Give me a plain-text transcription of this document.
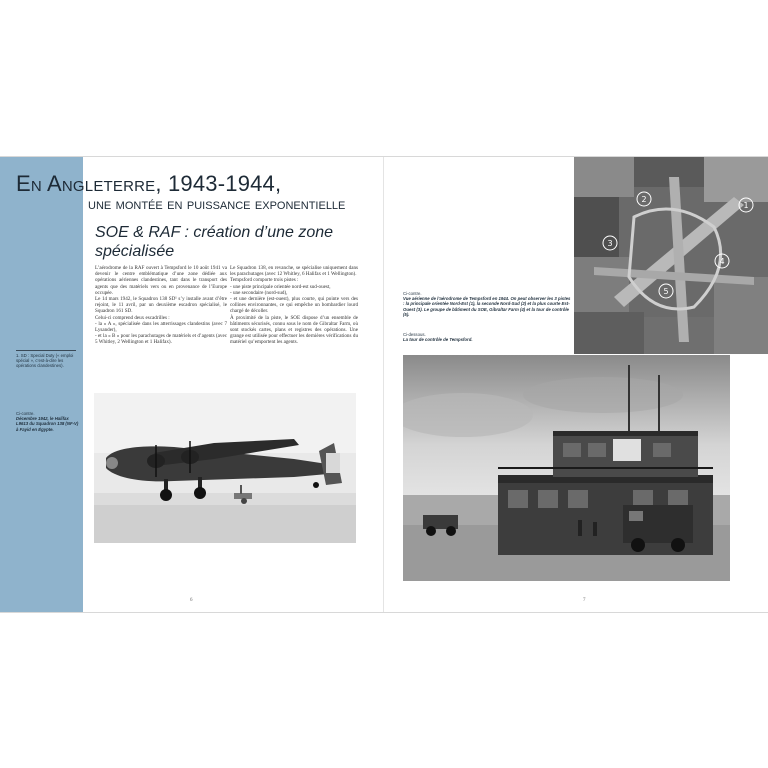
En Angleterre, 1943-1944,
une montée en puissance exponentielle
SOE & RAF : création d’une zone spécialisée

L’aérodrome de la RAF ouvert à Tempsford le 10 août 1941 va devenir le centre emblématique d’une zone dédiée aux opérations aériennes clandestines, tant dans le transport des agents que des matériels vers ou en provenance de l’Europe occupée.

Le 14 mars 1942, le Squadron 138 SD¹ s’y installe avant d’être rejoint, le 11 avril, par un deuxième escadron spécialisé, le Squadron 161 SD.

Celui-ci comprend deux escadrilles :

- la « A », spécialisée dans les atterrissages clandestins (avec 7 Lysander),

- et la « B » pour les parachutages de matériels et d’agents (avec 5 Whitley, 2 Wellington et 1 Halifax).

Le Squadron 138, en revanche, se spécialise uniquement dans les parachutages (avec 12 Whitley, 6 Halifax et 1 Wellington).

Tempsford comporte trois pistes :

- une piste principale orientée nord-est sud-ouest,

- une secondaire (nord-sud),

- et une dernière (est-ouest), plus courte, qui pointe vers des collines environnantes, ce qui empêche un bombardier lourd chargé de décoller.

À proximité de la piste, le SOE dispose d’un ensemble de bâtiments sécurisés, connu sous le nom de Gibraltar Farm, où sont stockés cartes, plans et registres des opérations. Une grange est utilisée pour effectuer les dernières vérifications du matériel qu’emportent les agents.

1. SD : Special Duty (« emploi spécial », c’est-à-dire les opérations clandestines).
Ci-contre.
Décembre 1942, le Halifax L9613 du Squadron 138 (NF-V) à Fayid en Égypte.
2
1
3
4
5
Ci-contre.
Vue aérienne de l’aérodrome de Tempsford en 1944. On peut observer les 3 pistes : la principale orientée Nord-Est (1), la seconde Nord-Sud (2) et la plus courte Est-Ouest (3). Le groupe de bâtiment du SOE, Gibraltar Farm (4) et la tour de contrôle (5).
Ci-dessous.
La tour de contrôle de Tempsford.
6	7
